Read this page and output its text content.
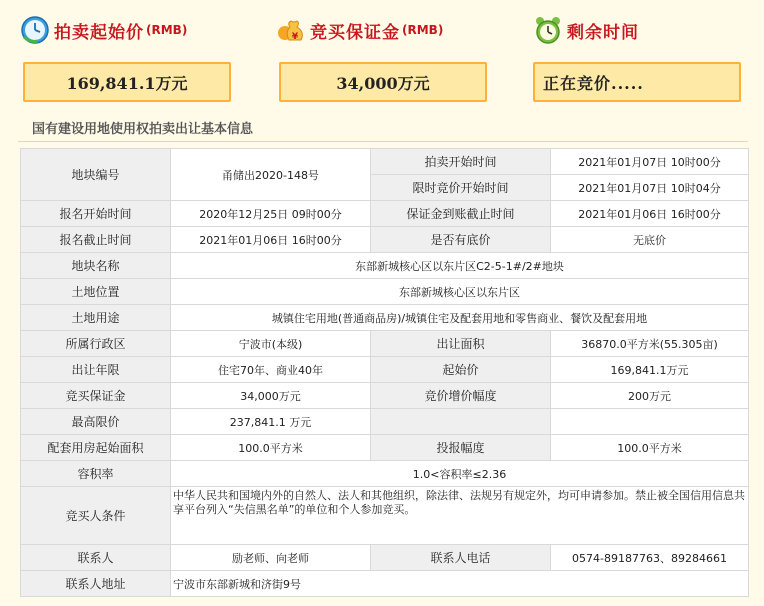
拍卖起始价 (RMB)
169,841.1万元
¥ 竞买保证金 (RMB)
34,000万元
剩余时间
正在竞价.....
国有建设用地使用权拍卖出让基本信息
地块编号	甬储出2020-148号	拍卖开始时间	2021年01月07日 10时00分
		限时竞价开始时间	2021年01月07日 10时04分
报名开始时间	2020年12月25日 09时00分	保证金到账截止时间	2021年01月06日 16时00分
报名截止时间	2021年01月06日 16时00分	是否有底价	无底价
地块名称	东部新城核心区以东片区C2-5-1#/2#地块		
土地位置	东部新城核心区以东片区		
土地用途	城镇住宅用地(普通商品房)/城镇住宅及配套用地和零售商业、餐饮及配套用地		
所属行政区	宁波市(本级)	出让面积	36870.0平方米(55.305亩)
出让年限	住宅70年、商业40年	起始价	169,841.1万元
竞买保证金	34,000万元	竞价增价幅度	200万元
最高限价	237,841.1 万元		
配套用房起始面积	100.0平方米	投报幅度	100.0平方米
容积率	1.0<容积率≤2.36		
竞买人条件	中华人民共和国境内外的自然人、法人和其他组织，除法律、法规另有规定外，均可申请参加。禁止被全国信用信息共享平台列入“失信黑名单”的单位和个人参加竞买。		
联系人	励老师、向老师	联系人电话	0574-89187763、89284661
联系人地址	宁波市东部新城和济街9号		
